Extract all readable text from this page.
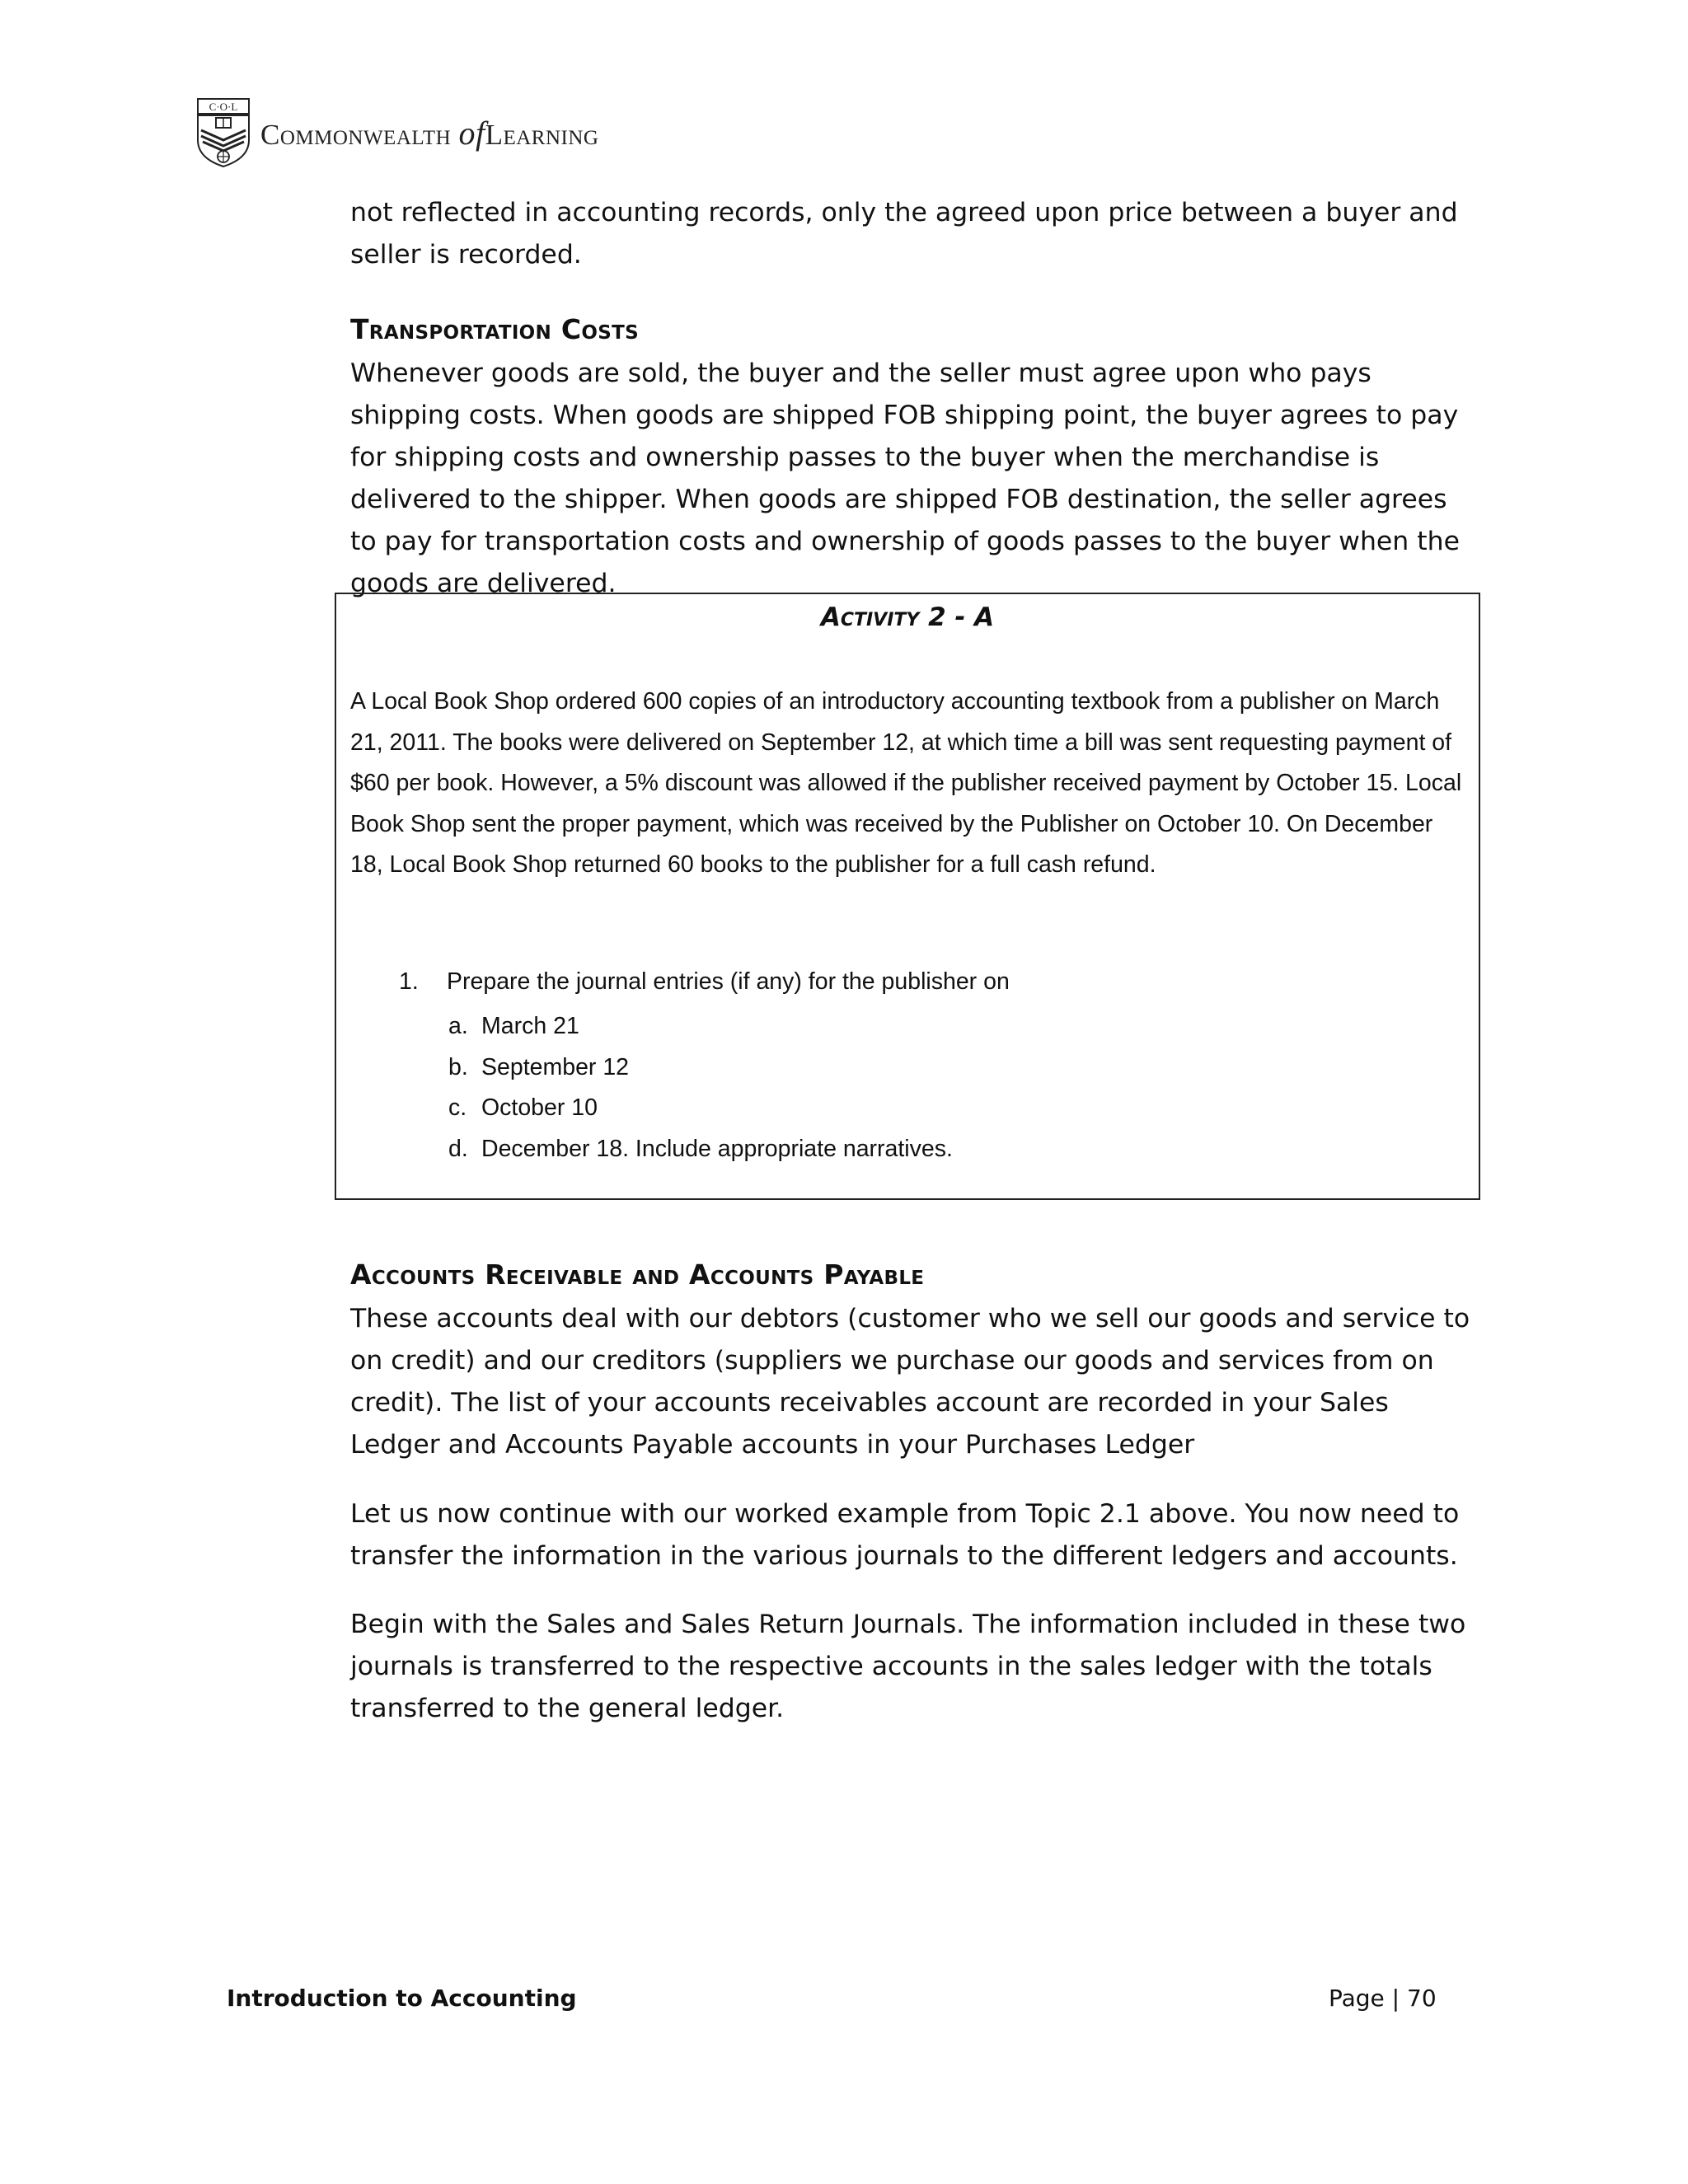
C·O·L
Commonwealth ofLearning

not reflected in accounting records, only the agreed upon price between a buyer and seller is recorded.

Transportation Costs

Whenever goods are sold, the buyer and the seller must agree upon who pays shipping costs. When goods are shipped FOB shipping point, the buyer agrees to pay for shipping costs and ownership passes to the buyer when the merchandise is delivered to the shipper. When goods are shipped FOB destination, the seller agrees to pay for transportation costs and ownership of goods passes to the buyer when the goods are delivered.

Activity 2 - A

A Local Book Shop ordered 600 copies of an introductory accounting textbook from a publisher on March 21, 2011. The books were delivered on September 12, at which time a bill was sent requesting payment of $60 per book. However, a 5% discount was allowed if the publisher received payment by October 15. Local Book Shop sent the proper payment, which was received by the Publisher on October 10. On December 18, Local Book Shop returned 60 books to the publisher for a full cash refund.

1. Prepare the journal entries (if any) for the publisher on
a. March 21
b. September 12
c. October 10
d. December 18. Include appropriate narratives.
Accounts Receivable and Accounts Payable

These accounts deal with our debtors (customer who we sell our goods and service to on credit) and our creditors (suppliers we purchase our goods and services from on credit). The list of your accounts receivables account are recorded in your Sales Ledger and Accounts Payable accounts in your Purchases Ledger

Let us now continue with our worked example from Topic 2.1 above. You now need to transfer the information in the various journals to the different ledgers and accounts.

Begin with the Sales and Sales Return Journals. The information included in these two journals is transferred to the respective accounts in the sales ledger with the totals transferred to the general ledger.

Introduction to Accounting	Page | 70
